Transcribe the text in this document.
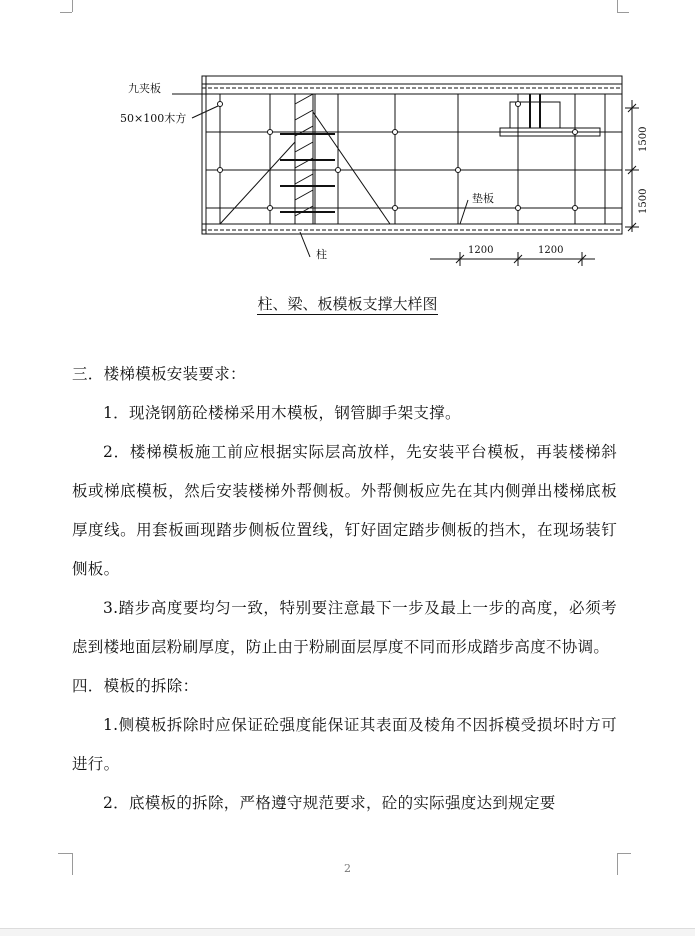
九夹板
50×100木方
柱
垫板
1200	1200
1500
1500
柱、梁、板模板支撑大样图

三．楼梯模板安装要求：

1．现浇钢筋砼楼梯采用木模板，钢管脚手架支撑。

2．楼梯模板施工前应根据实际层高放样，先安装平台模板，再装楼梯斜板或梯底模板，然后安装楼梯外帮侧板。外帮侧板应先在其内侧弹出楼梯底板厚度线。用套板画现踏步侧板位置线，钉好固定踏步侧板的挡木，在现场装钉侧板。

3.踏步高度要均匀一致，特别要注意最下一步及最上一步的高度，必须考虑到楼地面层粉刷厚度，防止由于粉刷面层厚度不同而形成踏步高度不协调。

四．模板的拆除：

1.侧模板拆除时应保证砼强度能保证其表面及棱角不因拆模受损坏时方可进行。

2．底模板的拆除，严格遵守规范要求，砼的实际强度达到规定要

2
